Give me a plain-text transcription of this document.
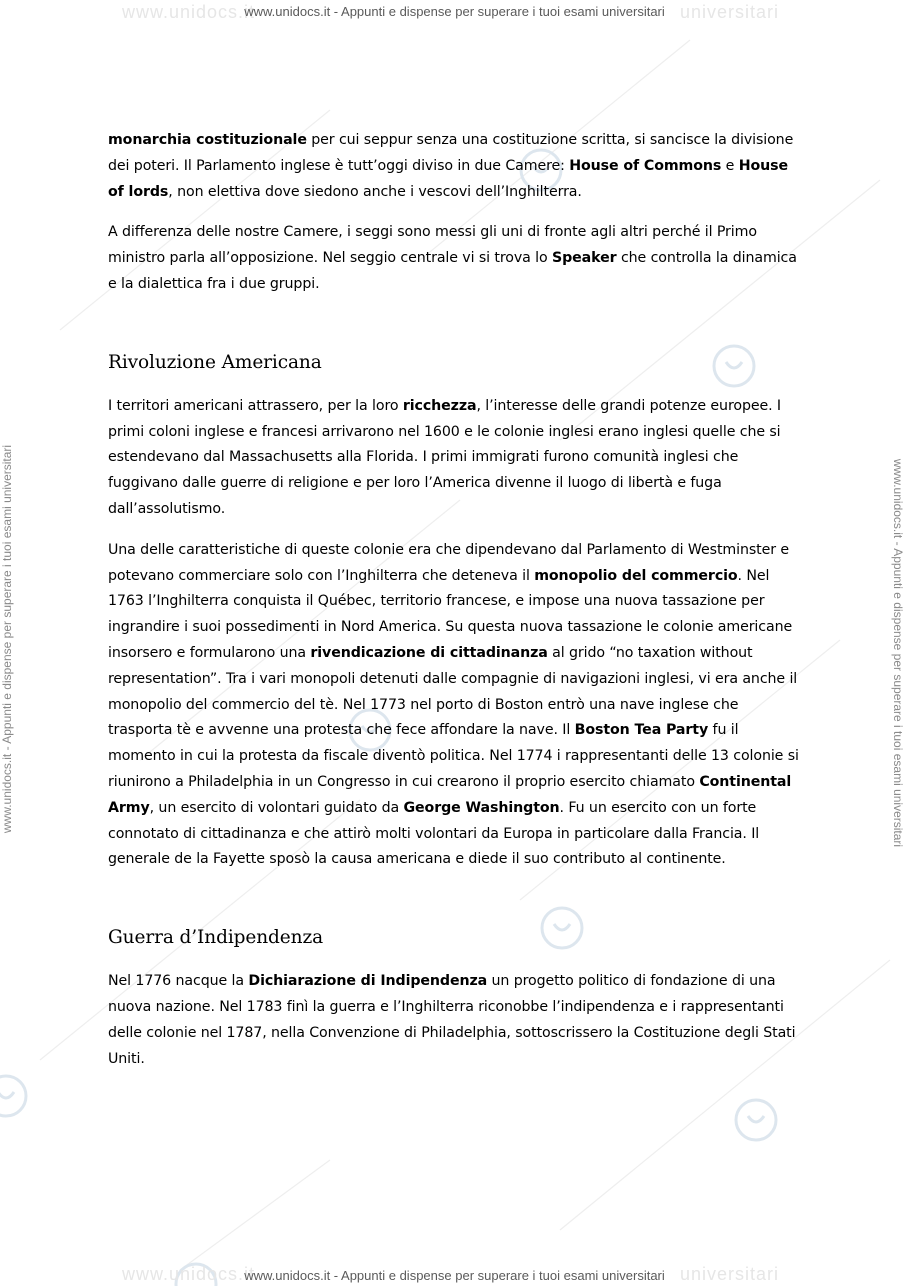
www.unidocs.it	universitari
www.unidocs.it	universitari
www.unidocs.it - Appunti e dispense per superare i tuoi esami universitari
www.unidocs.it - Appunti e dispense per superare i tuoi esami universitari
www.unidocs.it - Appunti e dispense per superare i tuoi esami universitari	www.unidocs.it - Appunti e dispense per superare i tuoi esami universitari

monarchia costituzionale per cui seppur senza una costituzione scritta, si sancisce la divisione dei poteri. Il Parlamento inglese è tutt’oggi diviso in due Camere: House of Commons e House of lords, non elettiva dove siedono anche i vescovi dell’Inghilterra.

A differenza delle nostre Camere, i seggi sono messi gli uni di fronte agli altri perché il Primo ministro parla all’opposizione. Nel seggio centrale vi si trova lo Speaker che controlla la dinamica e la dialettica fra i due gruppi.

Rivoluzione Americana

I territori americani attrassero, per la loro ricchezza, l’interesse delle grandi potenze europee. I primi coloni inglese e francesi arrivarono nel 1600 e le colonie inglesi erano inglesi quelle che si estendevano dal Massachusetts alla Florida. I primi immigrati furono comunità inglesi che fuggivano dalle guerre di religione e per loro l’America divenne il luogo di libertà e fuga dall’assolutismo.

Una delle caratteristiche di queste colonie era che dipendevano dal Parlamento di Westminster e potevano commerciare solo con l’Inghilterra che deteneva il monopolio del commercio. Nel 1763 l’Inghilterra conquista il Québec, territorio francese, e impose una nuova tassazione per ingrandire i suoi possedimenti in Nord America. Su questa nuova tassazione le colonie americane insorsero e formularono una rivendicazione di cittadinanza al grido “no taxation without representation”. Tra i vari monopoli detenuti dalle compagnie di navigazioni inglesi, vi era anche il monopolio del commercio del tè. Nel 1773 nel porto di Boston entrò una nave inglese che trasporta tè e avvenne una protesta che fece affondare la nave. Il Boston Tea Party fu il momento in cui la protesta da fiscale diventò politica. Nel 1774 i rappresentanti delle 13 colonie si riunirono a Philadelphia in un Congresso in cui crearono il proprio esercito chiamato Continental Army, un esercito di volontari guidato da George Washington. Fu un esercito con un forte connotato di cittadinanza e che attirò molti volontari da Europa in particolare dalla Francia. Il generale de la Fayette sposò la causa americana e diede il suo contributo al continente.

Guerra d’Indipendenza

Nel 1776 nacque la Dichiarazione di Indipendenza un progetto politico di fondazione di una nuova nazione. Nel 1783 finì la guerra e l’Inghilterra riconobbe l’indipendenza e i rappresentanti delle colonie nel 1787, nella Convenzione di Philadelphia, sottoscrissero la Costituzione degli Stati Uniti.
